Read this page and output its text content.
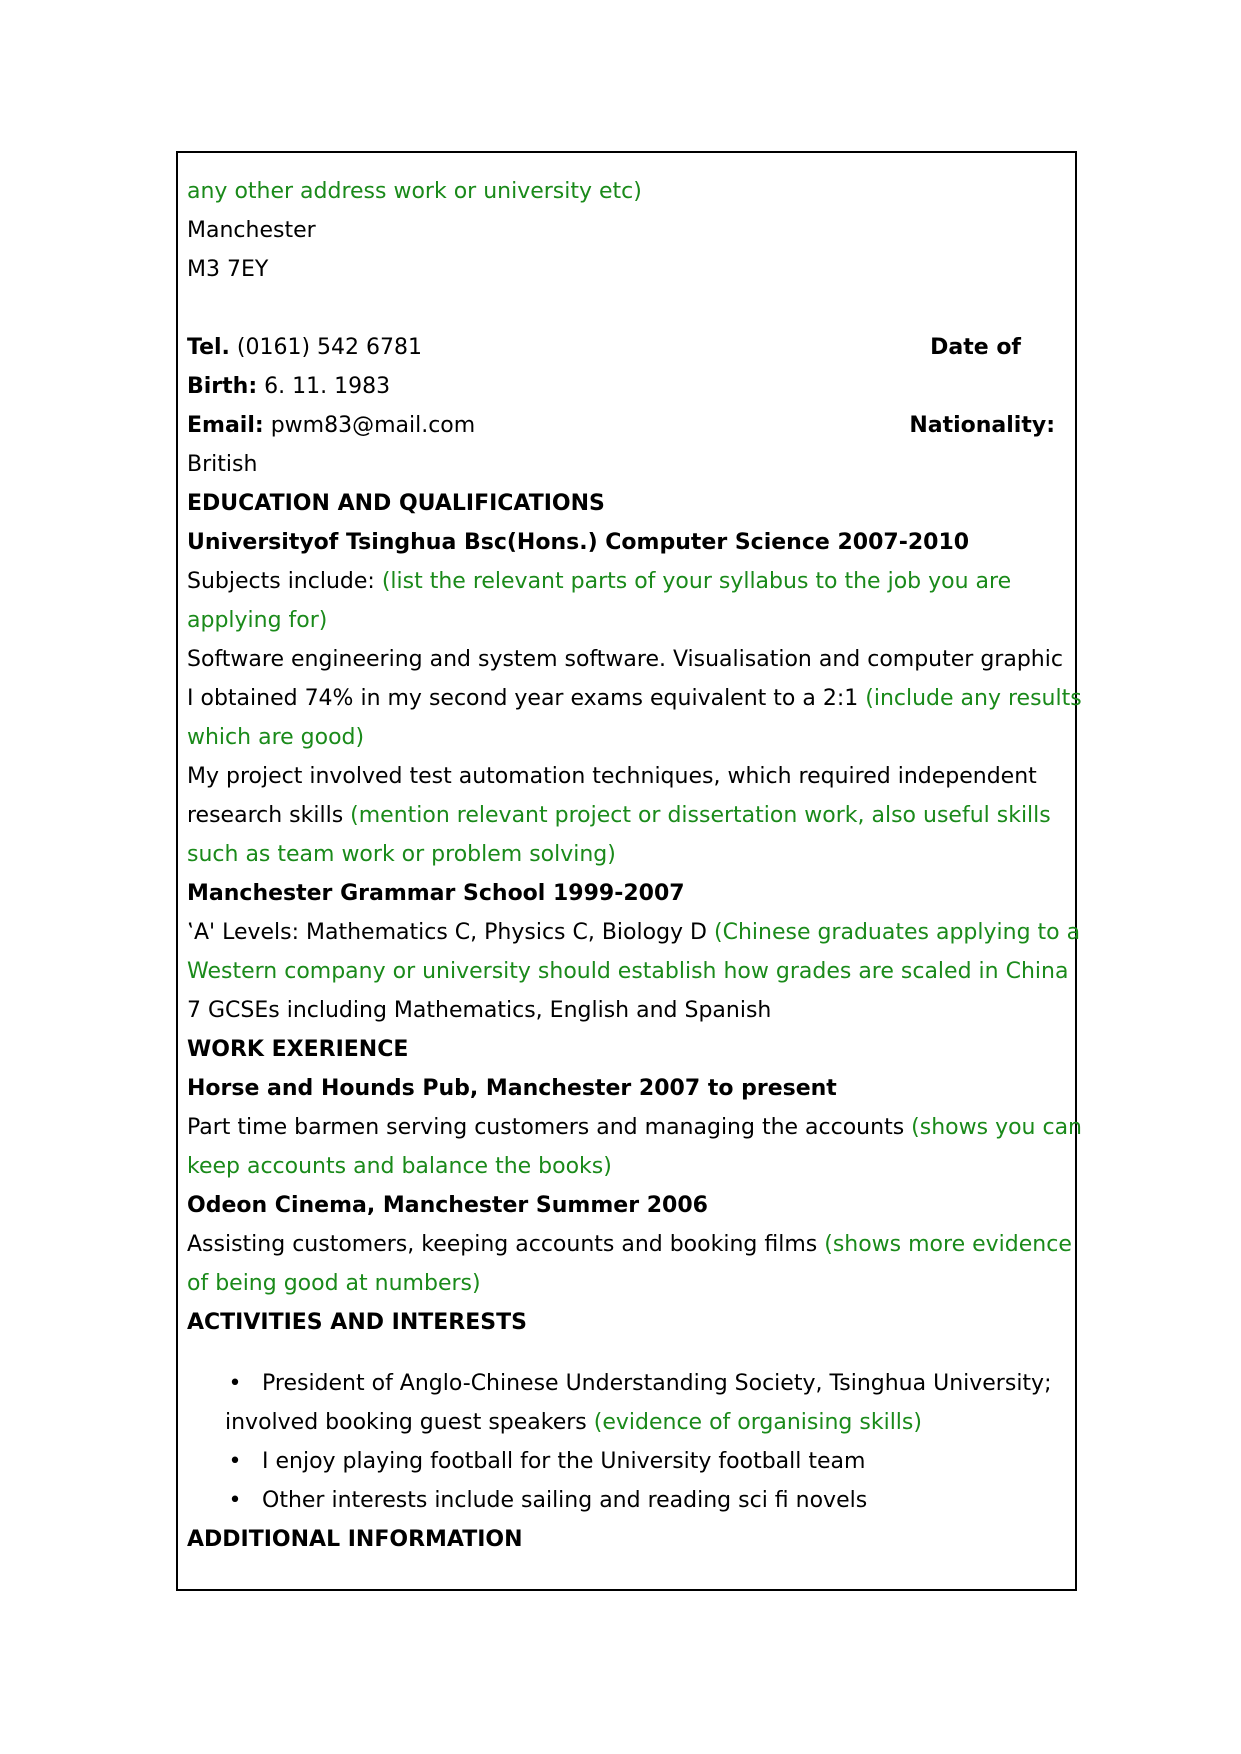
any other address work or university etc)
Manchester
M3 7EY
Tel. (0161) 542 6781	Date of
Birth: 6. 11. 1983
Email: pwm83@mail.com	Nationality:
British
EDUCATION AND QUALIFICATIONS
Universityof Tsinghua Bsc(Hons.) Computer Science 2007-2010
Subjects include: (list the relevant parts of your syllabus to the job you are
applying for)
Software engineering and system software. Visualisation and computer graphic
I obtained 74% in my second year exams equivalent to a 2:1 (include any results
which are good)
My project involved test automation techniques, which required independent
research skills (mention relevant project or dissertation work, also useful skills
such as team work or problem solving)
Manchester Grammar School 1999-2007
‛A' Levels: Mathematics C, Physics C, Biology D (Chinese graduates applying to a
Western company or university should establish how grades are scaled in China
7 GCSEs including Mathematics, English and Spanish
WORK EXERIENCE
Horse and Hounds Pub, Manchester 2007 to present
Part time barmen serving customers and managing the accounts (shows you can
keep accounts and balance the books)
Odeon Cinema, Manchester Summer 2006
Assisting customers, keeping accounts and booking films (shows more evidence
of being good at numbers)
ACTIVITIES AND INTERESTS
• President of Anglo-Chinese Understanding Society, Tsinghua University;
involved booking guest speakers (evidence of organising skills)
• I enjoy playing football for the University football team
• Other interests include sailing and reading sci fi novels
ADDITIONAL INFORMATION
